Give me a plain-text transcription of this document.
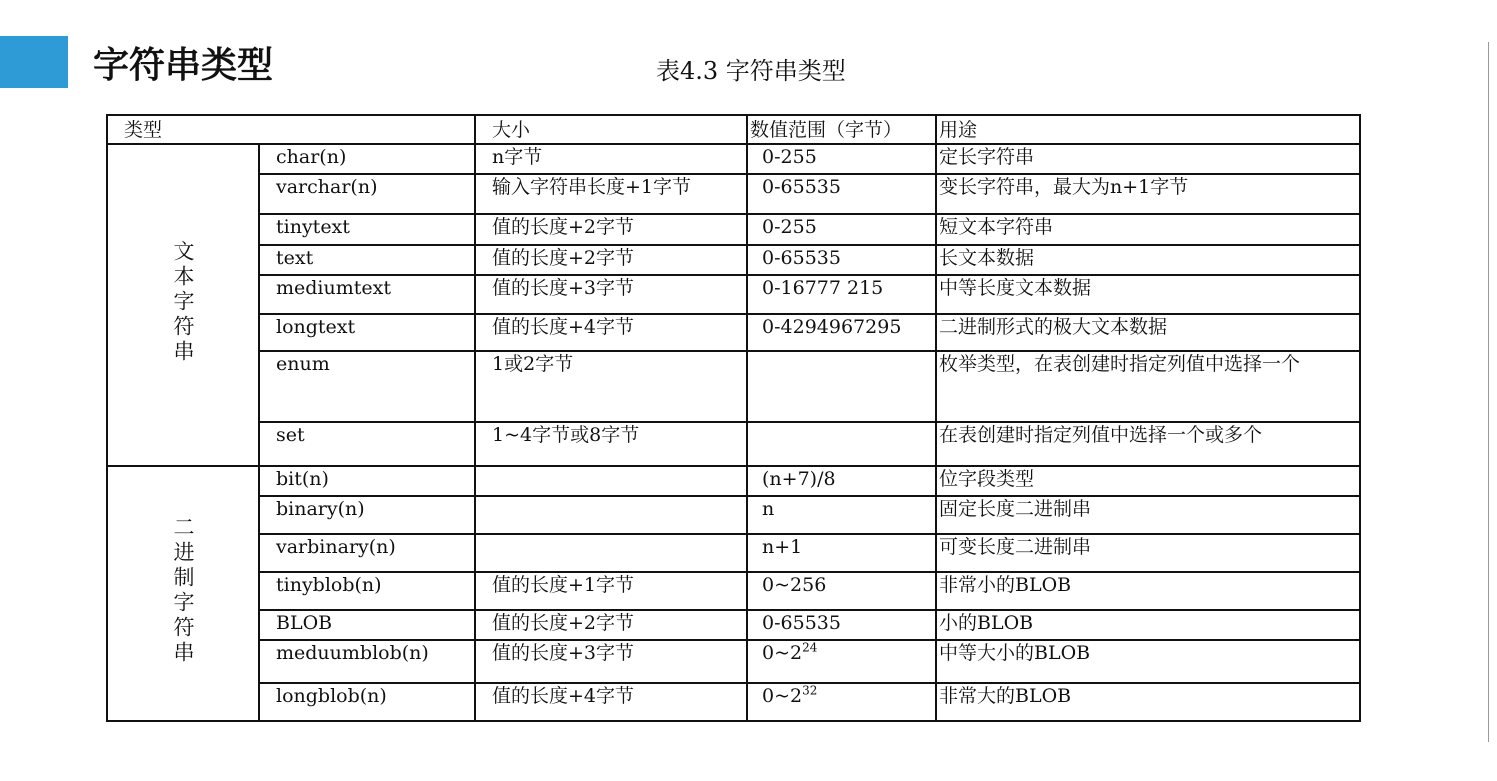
字符串类型	表4.3 字符串类型
类型		大小	数值范围（字节）	用途
文本字符串	char(n)	n字节	0-255	定长字符串
	varchar(n)	输入字符串长度+1字节	0-65535	变长字符串，最大为n+1字节
	tinytext	值的长度+2字节	0-255	短文本字符串
	text	值的长度+2字节	0-65535	长文本数据
	mediumtext	值的长度+3字节	0-16777 215	中等长度文本数据
	longtext	值的长度+4字节	0-4294967295	二进制形式的极大文本数据
	enum	1或2字节		枚举类型，在表创建时指定列值中选择一个
	set	1~4字节或8字节		在表创建时指定列值中选择一个或多个
二进制字符串	bit(n)		(n+7)/8	位字段类型
	binary(n)		n	固定长度二进制串
	varbinary(n)		n+1	可变长度二进制串
	tinyblob(n)	值的长度+1字节	0~256	非常小的BLOB
	BLOB	值的长度+2字节	0-65535	小的BLOB
	meduumblob(n)	值的长度+3字节	$0\sim 2^{24}$	中等大小的BLOB
	longblob(n)	值的长度+4字节	$0\sim 2^{32}$	非常大的BLOB
